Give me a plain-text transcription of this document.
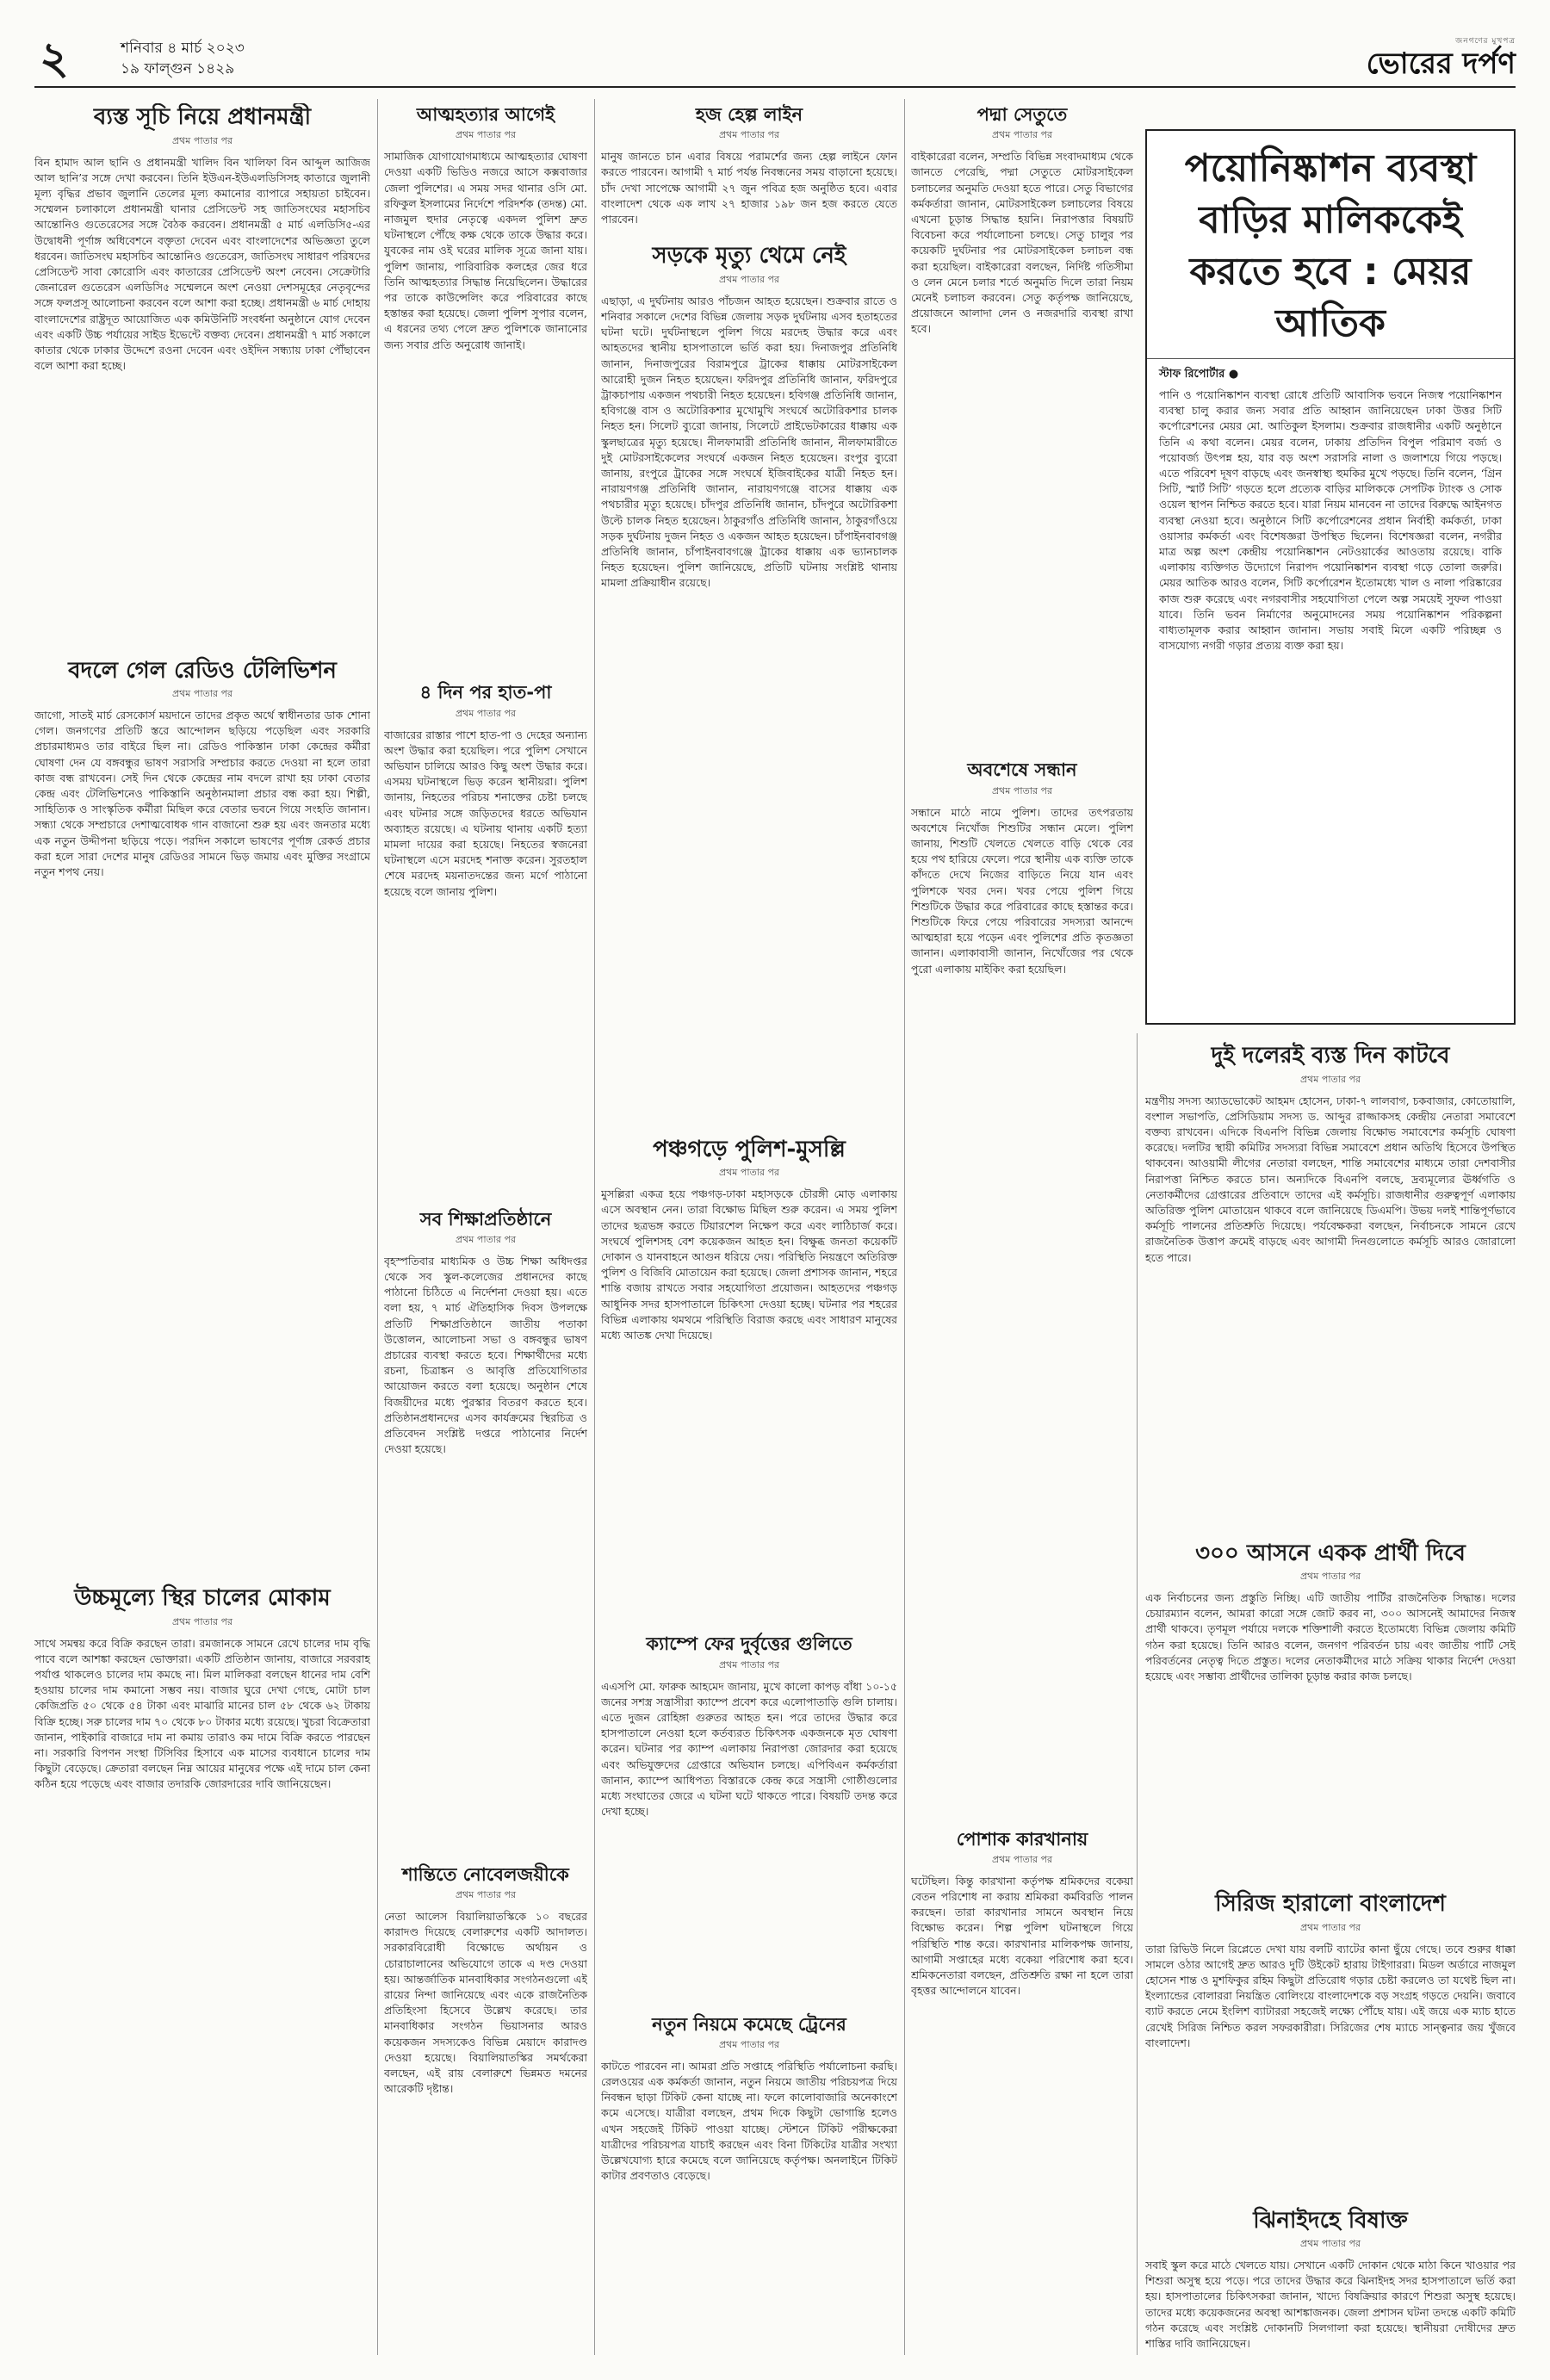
২	শনিবার ৪ মার্চ ২০২৩
১৯ ফাল্গুন ১৪২৯
জনগণের মুখপত্র
ভোরের দর্পণ
ব্যস্ত সূচি নিয়ে প্রধানমন্ত্রী
প্রথম পাতার পর
বিন হামাদ আল ছানি ও প্রধানমন্ত্রী খালিদ বিন খালিফা বিন আব্দুল আজিজ আল ছানি’র সঙ্গে দেখা করবেন। তিনি ইউএন-ইউএলডিসিসহ কাতারে জুলানী মূল্য বৃদ্ধির প্রভাব জুলানি তেলের মূল্য কমানোর ব্যাপারে সহায়তা চাইবেন। সম্মেলন চলাকালে প্রধানমন্ত্রী ঘানার প্রেসিডেন্ট সহ জাতিসংঘের মহাসচিব আন্তোনিও গুতেরেসের সঙ্গে বৈঠক করবেন। প্রধানমন্ত্রী ৫ মার্চ এলডিসি৫-এর উদ্বোধনী পূর্ণাঙ্গ অধিবেশনে বক্তৃতা দেবেন এবং বাংলাদেশের অভিজ্ঞতা তুলে ধরবেন। জাতিসংঘ মহাসচিব আন্তোনিও গুতেরেস, জাতিসংঘ সাধারণ পরিষদের প্রেসিডেন্ট সাবা কোরোসি এবং কাতারের প্রেসিডেন্ট অংশ নেবেন। সেক্রেটারি জেনারেল গুতেরেস এলডিসি৫ সম্মেলনে অংশ নেওয়া দেশসমূহের নেতৃবৃন্দের সঙ্গে ফলপ্রসূ আলোচনা করবেন বলে আশা করা হচ্ছে। প্রধানমন্ত্রী ৬ মার্চ দোহায় বাংলাদেশের রাষ্ট্রদূত আয়োজিত এক কমিউনিটি সংবর্ধনা অনুষ্ঠানে যোগ দেবেন এবং একটি উচ্চ পর্যায়ের সাইড ইভেন্টে বক্তব্য দেবেন। প্রধানমন্ত্রী ৭ মার্চ সকালে কাতার থেকে ঢাকার উদ্দেশে রওনা দেবেন এবং ওইদিন সন্ধ্যায় ঢাকা পৌঁছাবেন বলে আশা করা হচ্ছে।
বদলে গেল রেডিও টেলিভিশন
প্রথম পাতার পর
জাগো, সাতই মার্চ রেসকোর্স ময়দানে তাদের প্রকৃত অর্থে স্বাধীনতার ডাক শোনা গেল। জনগণের প্রতিটি স্তরে আন্দোলন ছড়িয়ে পড়েছিল এবং সরকারি প্রচারমাধ্যমও তার বাইরে ছিল না। রেডিও পাকিস্তান ঢাকা কেন্দ্রের কর্মীরা ঘোষণা দেন যে বঙ্গবন্ধুর ভাষণ সরাসরি সম্প্রচার করতে দেওয়া না হলে তারা কাজ বন্ধ রাখবেন। সেই দিন থেকে কেন্দ্রের নাম বদলে রাখা হয় ঢাকা বেতার কেন্দ্র এবং টেলিভিশনেও পাকিস্তানি অনুষ্ঠানমালা প্রচার বন্ধ করা হয়। শিল্পী, সাহিত্যিক ও সাংস্কৃতিক কর্মীরা মিছিল করে বেতার ভবনে গিয়ে সংহতি জানান। সন্ধ্যা থেকে সম্প্রচারে দেশাত্মবোধক গান বাজানো শুরু হয় এবং জনতার মধ্যে এক নতুন উদ্দীপনা ছড়িয়ে পড়ে। পরদিন সকালে ভাষণের পূর্ণাঙ্গ রেকর্ড প্রচার করা হলে সারা দেশের মানুষ রেডিওর সামনে ভিড় জমায় এবং মুক্তির সংগ্রামে নতুন শপথ নেয়।
উচ্চমূল্যে স্থির চালের মোকাম
প্রথম পাতার পর
সাথে সমন্বয় করে বিক্রি করছেন তারা। রমজানকে সামনে রেখে চালের দাম বৃদ্ধি পাবে বলে আশঙ্কা করছেন ভোক্তারা। একটি প্রতিষ্ঠান জানায়, বাজারে সরবরাহ পর্যাপ্ত থাকলেও চালের দাম কমছে না। মিল মালিকরা বলছেন ধানের দাম বেশি হওয়ায় চালের দাম কমানো সম্ভব নয়। বাজার ঘুরে দেখা গেছে, মোটা চাল কেজিপ্রতি ৫০ থেকে ৫৪ টাকা এবং মাঝারি মানের চাল ৫৮ থেকে ৬২ টাকায় বিক্রি হচ্ছে। সরু চালের দাম ৭০ থেকে ৮০ টাকার মধ্যে রয়েছে। খুচরা বিক্রেতারা জানান, পাইকারি বাজারে দাম না কমায় তারাও কম দামে বিক্রি করতে পারছেন না। সরকারি বিপণন সংস্থা টিসিবির হিসাবে এক মাসের ব্যবধানে চালের দাম কিছুটা বেড়েছে। ক্রেতারা বলছেন নিম্ন আয়ের মানুষের পক্ষে এই দামে চাল কেনা কঠিন হয়ে পড়েছে এবং বাজার তদারকি জোরদারের দাবি জানিয়েছেন।
আত্মহত্যার আগেই
প্রথম পাতার পর
সামাজিক যোগাযোগমাধ্যমে আত্মহত্যার ঘোষণা দেওয়া একটি ভিডিও নজরে আসে কক্সবাজার জেলা পুলিশের। এ সময় সদর থানার ওসি মো. রফিকুল ইসলামের নির্দেশে পরিদর্শক (তদন্ত) মো. নাজমুল হুদার নেতৃত্বে একদল পুলিশ দ্রুত ঘটনাস্থলে পৌঁছে কক্ষ থেকে তাকে উদ্ধার করে। যুবকের নাম ওই ঘরের মালিক সূত্রে জানা যায়। পুলিশ জানায়, পারিবারিক কলহের জের ধরে তিনি আত্মহত্যার সিদ্ধান্ত নিয়েছিলেন। উদ্ধারের পর তাকে কাউন্সেলিং করে পরিবারের কাছে হস্তান্তর করা হয়েছে। জেলা পুলিশ সুপার বলেন, এ ধরনের তথ্য পেলে দ্রুত পুলিশকে জানানোর জন্য সবার প্রতি অনুরোধ জানাই।
৪ দিন পর হাত-পা
প্রথম পাতার পর
বাজারের রাস্তার পাশে হাত-পা ও দেহের অন্যান্য অংশ উদ্ধার করা হয়েছিল। পরে পুলিশ সেখানে অভিযান চালিয়ে আরও কিছু অংশ উদ্ধার করে। এসময় ঘটনাস্থলে ভিড় করেন স্থানীয়রা। পুলিশ জানায়, নিহতের পরিচয় শনাক্তের চেষ্টা চলছে এবং ঘটনার সঙ্গে জড়িতদের ধরতে অভিযান অব্যাহত রয়েছে। এ ঘটনায় থানায় একটি হত্যা মামলা দায়ের করা হয়েছে। নিহতের স্বজনেরা ঘটনাস্থলে এসে মরদেহ শনাক্ত করেন। সুরতহাল শেষে মরদেহ ময়নাতদন্তের জন্য মর্গে পাঠানো হয়েছে বলে জানায় পুলিশ।
সব শিক্ষাপ্রতিষ্ঠানে
প্রথম পাতার পর
বৃহস্পতিবার মাধ্যমিক ও উচ্চ শিক্ষা অধিদপ্তর থেকে সব স্কুল-কলেজের প্রধানদের কাছে পাঠানো চিঠিতে এ নির্দেশনা দেওয়া হয়। এতে বলা হয়, ৭ মার্চ ঐতিহাসিক দিবস উপলক্ষে প্রতিটি শিক্ষাপ্রতিষ্ঠানে জাতীয় পতাকা উত্তোলন, আলোচনা সভা ও বঙ্গবন্ধুর ভাষণ প্রচারের ব্যবস্থা করতে হবে। শিক্ষার্থীদের মধ্যে রচনা, চিত্রাঙ্কন ও আবৃত্তি প্রতিযোগিতার আয়োজন করতে বলা হয়েছে। অনুষ্ঠান শেষে বিজয়ীদের মধ্যে পুরস্কার বিতরণ করতে হবে। প্রতিষ্ঠানপ্রধানদের এসব কার্যক্রমের স্থিরচিত্র ও প্রতিবেদন সংশ্লিষ্ট দপ্তরে পাঠানোর নির্দেশ দেওয়া হয়েছে।
শান্তিতে নোবেলজয়ীকে
প্রথম পাতার পর
নেতা আলেস বিয়ালিয়াতস্কিকে ১০ বছরের কারাদণ্ড দিয়েছে বেলারুশের একটি আদালত। সরকারবিরোধী বিক্ষোভে অর্থায়ন ও চোরাচালানের অভিযোগে তাকে এ দণ্ড দেওয়া হয়। আন্তর্জাতিক মানবাধিকার সংগঠনগুলো এই রায়ের নিন্দা জানিয়েছে এবং একে রাজনৈতিক প্রতিহিংসা হিসেবে উল্লেখ করেছে। তার মানবাধিকার সংগঠন ভিয়াসনার আরও কয়েকজন সদস্যকেও বিভিন্ন মেয়াদে কারাদণ্ড দেওয়া হয়েছে। বিয়ালিয়াতস্কির সমর্থকেরা বলছেন, এই রায় বেলারুশে ভিন্নমত দমনের আরেকটি দৃষ্টান্ত।
হজ হেল্প লাইন
প্রথম পাতার পর
মানুষ জানতে চান এবার বিষয়ে পরামর্শের জন্য হেল্প লাইনে ফোন করতে পারবেন। আগামী ৭ মার্চ পর্যন্ত নিবন্ধনের সময় বাড়ানো হয়েছে। চাঁদ দেখা সাপেক্ষে আগামী ২৭ জুন পবিত্র হজ অনুষ্ঠিত হবে। এবার বাংলাদেশ থেকে এক লাখ ২৭ হাজার ১৯৮ জন হজ করতে যেতে পারবেন।
সড়কে মৃত্যু থেমে নেই
প্রথম পাতার পর
এছাড়া, এ দুর্ঘটনায় আরও পাঁচজন আহত হয়েছেন। শুক্রবার রাতে ও শনিবার সকালে দেশের বিভিন্ন জেলায় সড়ক দুর্ঘটনায় এসব হতাহতের ঘটনা ঘটে। দুর্ঘটনাস্থলে পুলিশ গিয়ে মরদেহ উদ্ধার করে এবং আহতদের স্থানীয় হাসপাতালে ভর্তি করা হয়। দিনাজপুর প্রতিনিধি জানান, দিনাজপুরের বিরামপুরে ট্রাকের ধাক্কায় মোটরসাইকেল আরোহী দুজন নিহত হয়েছেন। ফরিদপুর প্রতিনিধি জানান, ফরিদপুরে ট্রাকচাপায় একজন পথচারী নিহত হয়েছেন। হবিগঞ্জ প্রতিনিধি জানান, হবিগঞ্জে বাস ও অটোরিকশার মুখোমুখি সংঘর্ষে অটোরিকশার চালক নিহত হন। সিলেট ব্যুরো জানায়, সিলেটে প্রাইভেটকারের ধাক্কায় এক স্কুলছাত্রের মৃত্যু হয়েছে। নীলফামারী প্রতিনিধি জানান, নীলফামারীতে দুই মোটরসাইকেলের সংঘর্ষে একজন নিহত হয়েছেন। রংপুর ব্যুরো জানায়, রংপুরে ট্রাকের সঙ্গে সংঘর্ষে ইজিবাইকের যাত্রী নিহত হন। নারায়ণগঞ্জ প্রতিনিধি জানান, নারায়ণগঞ্জে বাসের ধাক্কায় এক পথচারীর মৃত্যু হয়েছে। চাঁদপুর প্রতিনিধি জানান, চাঁদপুরে অটোরিকশা উল্টে চালক নিহত হয়েছেন। ঠাকুরগাঁও প্রতিনিধি জানান, ঠাকুরগাঁওয়ে সড়ক দুর্ঘটনায় দুজন নিহত ও একজন আহত হয়েছেন। চাঁপাইনবাবগঞ্জ প্রতিনিধি জানান, চাঁপাইনবাবগঞ্জে ট্রাকের ধাক্কায় এক ভ্যানচালক নিহত হয়েছেন। পুলিশ জানিয়েছে, প্রতিটি ঘটনায় সংশ্লিষ্ট থানায় মামলা প্রক্রিয়াধীন রয়েছে।
পঞ্চগড়ে পুলিশ-মুসল্লি
প্রথম পাতার পর
মুসল্লিরা একত্র হয়ে পঞ্চগড়-ঢাকা মহাসড়কে চৌরঙ্গী মোড় এলাকায় এসে অবস্থান নেন। তারা বিক্ষোভ মিছিল শুরু করেন। এ সময় পুলিশ তাদের ছত্রভঙ্গ করতে টিয়ারশেল নিক্ষেপ করে এবং লাঠিচার্জ করে। সংঘর্ষে পুলিশসহ বেশ কয়েকজন আহত হন। বিক্ষুব্ধ জনতা কয়েকটি দোকান ও যানবাহনে আগুন ধরিয়ে দেয়। পরিস্থিতি নিয়ন্ত্রণে অতিরিক্ত পুলিশ ও বিজিবি মোতায়েন করা হয়েছে। জেলা প্রশাসক জানান, শহরে শান্তি বজায় রাখতে সবার সহযোগিতা প্রয়োজন। আহতদের পঞ্চগড় আধুনিক সদর হাসপাতালে চিকিৎসা দেওয়া হচ্ছে। ঘটনার পর শহরের বিভিন্ন এলাকায় থমথমে পরিস্থিতি বিরাজ করছে এবং সাধারণ মানুষের মধ্যে আতঙ্ক দেখা দিয়েছে।
ক্যাম্পে ফের দুর্বৃত্তের গুলিতে
প্রথম পাতার পর
এএসপি মো. ফারুক আহমেদ জানায়, মুখে কালো কাপড় বাঁধা ১০-১৫ জনের সশস্ত্র সন্ত্রাসীরা ক্যাম্পে প্রবেশ করে এলোপাতাড়ি গুলি চালায়। এতে দুজন রোহিঙ্গা গুরুতর আহত হন। পরে তাদের উদ্ধার করে হাসপাতালে নেওয়া হলে কর্তব্যরত চিকিৎসক একজনকে মৃত ঘোষণা করেন। ঘটনার পর ক্যাম্প এলাকায় নিরাপত্তা জোরদার করা হয়েছে এবং অভিযুক্তদের গ্রেপ্তারে অভিযান চলছে। এপিবিএন কর্মকর্তারা জানান, ক্যাম্পে আধিপত্য বিস্তারকে কেন্দ্র করে সন্ত্রাসী গোষ্ঠীগুলোর মধ্যে সংঘাতের জেরে এ ঘটনা ঘটে থাকতে পারে। বিষয়টি তদন্ত করে দেখা হচ্ছে।
নতুন নিয়মে কমেছে ট্রেনের
প্রথম পাতার পর
কাটতে পারবেন না। আমরা প্রতি সপ্তাহে পরিস্থিতি পর্যালোচনা করছি। রেলওয়ের এক কর্মকর্তা জানান, নতুন নিয়মে জাতীয় পরিচয়পত্র দিয়ে নিবন্ধন ছাড়া টিকিট কেনা যাচ্ছে না। ফলে কালোবাজারি অনেকাংশে কমে এসেছে। যাত্রীরা বলছেন, প্রথম দিকে কিছুটা ভোগান্তি হলেও এখন সহজেই টিকিট পাওয়া যাচ্ছে। স্টেশনে টিকিট পরীক্ষকেরা যাত্রীদের পরিচয়পত্র যাচাই করছেন এবং বিনা টিকিটের যাত্রীর সংখ্যা উল্লেখযোগ্য হারে কমেছে বলে জানিয়েছে কর্তৃপক্ষ। অনলাইনে টিকিট কাটার প্রবণতাও বেড়েছে।
পদ্মা সেতুতে
প্রথম পাতার পর
বাইকারেরা বলেন, সম্প্রতি বিভিন্ন সংবাদমাধ্যম থেকে জানতে পেরেছি, পদ্মা সেতুতে মোটরসাইকেল চলাচলের অনুমতি দেওয়া হতে পারে। সেতু বিভাগের কর্মকর্তারা জানান, মোটরসাইকেল চলাচলের বিষয়ে এখনো চূড়ান্ত সিদ্ধান্ত হয়নি। নিরাপত্তার বিষয়টি বিবেচনা করে পর্যালোচনা চলছে। সেতু চালুর পর কয়েকটি দুর্ঘটনার পর মোটরসাইকেল চলাচল বন্ধ করা হয়েছিল। বাইকারেরা বলছেন, নির্দিষ্ট গতিসীমা ও লেন মেনে চলার শর্তে অনুমতি দিলে তারা নিয়ম মেনেই চলাচল করবেন। সেতু কর্তৃপক্ষ জানিয়েছে, প্রয়োজনে আলাদা লেন ও নজরদারি ব্যবস্থা রাখা হবে।
অবশেষে সন্ধান
প্রথম পাতার পর
সন্ধানে মাঠে নামে পুলিশ। তাদের তৎপরতায় অবশেষে নিখোঁজ শিশুটির সন্ধান মেলে। পুলিশ জানায়, শিশুটি খেলতে খেলতে বাড়ি থেকে বের হয়ে পথ হারিয়ে ফেলে। পরে স্থানীয় এক ব্যক্তি তাকে কাঁদতে দেখে নিজের বাড়িতে নিয়ে যান এবং পুলিশকে খবর দেন। খবর পেয়ে পুলিশ গিয়ে শিশুটিকে উদ্ধার করে পরিবারের কাছে হস্তান্তর করে। শিশুটিকে ফিরে পেয়ে পরিবারের সদস্যরা আনন্দে আত্মহারা হয়ে পড়েন এবং পুলিশের প্রতি কৃতজ্ঞতা জানান। এলাকাবাসী জানান, নিখোঁজের পর থেকে পুরো এলাকায় মাইকিং করা হয়েছিল।
পোশাক কারখানায়
প্রথম পাতার পর
ঘটেছিল। কিন্তু কারখানা কর্তৃপক্ষ শ্রমিকদের বকেয়া বেতন পরিশোধ না করায় শ্রমিকরা কর্মবিরতি পালন করছেন। তারা কারখানার সামনে অবস্থান নিয়ে বিক্ষোভ করেন। শিল্প পুলিশ ঘটনাস্থলে গিয়ে পরিস্থিতি শান্ত করে। কারখানার মালিকপক্ষ জানায়, আগামী সপ্তাহের মধ্যে বকেয়া পরিশোধ করা হবে। শ্রমিকনেতারা বলছেন, প্রতিশ্রুতি রক্ষা না হলে তারা বৃহত্তর আন্দোলনে যাবেন।
পয়োনিষ্কাশন ব্যবস্থা বাড়ির মালিককেই করতে হবে : মেয়র আতিক
স্টাফ রিপোর্টার ●
পানি ও পয়োনিষ্কাশন ব্যবস্থা রোধে প্রতিটি আবাসিক ভবনে নিজস্ব পয়োনিষ্কাশন ব্যবস্থা চালু করার জন্য সবার প্রতি আহ্বান জানিয়েছেন ঢাকা উত্তর সিটি কর্পোরেশনের মেয়র মো. আতিকুল ইসলাম। শুক্রবার রাজধানীর একটি অনুষ্ঠানে তিনি এ কথা বলেন। মেয়র বলেন, ঢাকায় প্রতিদিন বিপুল পরিমাণ বর্জ্য ও পয়োবর্জ্য উৎপন্ন হয়, যার বড় অংশ সরাসরি নালা ও জলাশয়ে গিয়ে পড়ছে। এতে পরিবেশ দূষণ বাড়ছে এবং জনস্বাস্থ্য হুমকির মুখে পড়ছে। তিনি বলেন, ‘গ্রিন সিটি, স্মার্ট সিটি’ গড়তে হলে প্রত্যেক বাড়ির মালিককে সেপটিক ট্যাংক ও সোক ওয়েল স্থাপন নিশ্চিত করতে হবে। যারা নিয়ম মানবেন না তাদের বিরুদ্ধে আইনগত ব্যবস্থা নেওয়া হবে। অনুষ্ঠানে সিটি কর্পোরেশনের প্রধান নির্বাহী কর্মকর্তা, ঢাকা ওয়াসার কর্মকর্তা এবং বিশেষজ্ঞরা উপস্থিত ছিলেন। বিশেষজ্ঞরা বলেন, নগরীর মাত্র অল্প অংশ কেন্দ্রীয় পয়োনিষ্কাশন নেটওয়ার্কের আওতায় রয়েছে। বাকি এলাকায় ব্যক্তিগত উদ্যোগে নিরাপদ পয়োনিষ্কাশন ব্যবস্থা গড়ে তোলা জরুরি। মেয়র আতিক আরও বলেন, সিটি কর্পোরেশন ইতোমধ্যে খাল ও নালা পরিষ্কারের কাজ শুরু করেছে এবং নগরবাসীর সহযোগিতা পেলে অল্প সময়েই সুফল পাওয়া যাবে। তিনি ভবন নির্মাণের অনুমোদনের সময় পয়োনিষ্কাশন পরিকল্পনা বাধ্যতামূলক করার আহ্বান জানান। সভায় সবাই মিলে একটি পরিচ্ছন্ন ও বাসযোগ্য নগরী গড়ার প্রত্যয় ব্যক্ত করা হয়।
দুই দলেরই ব্যস্ত দিন কাটবে
প্রথম পাতার পর
মন্ত্রণীয় সদস্য অ্যাডভোকেট আহমদ হোসেন, ঢাকা-৭ লালবাগ, চকবাজার, কোতোয়ালি, বংশাল সভাপতি, প্রেসিডিয়াম সদস্য ড. আব্দুর রাজ্জাকসহ কেন্দ্রীয় নেতারা সমাবেশে বক্তব্য রাখবেন। এদিকে বিএনপি বিভিন্ন জেলায় বিক্ষোভ সমাবেশের কর্মসূচি ঘোষণা করেছে। দলটির স্থায়ী কমিটির সদস্যরা বিভিন্ন সমাবেশে প্রধান অতিথি হিসেবে উপস্থিত থাকবেন। আওয়ামী লীগের নেতারা বলছেন, শান্তি সমাবেশের মাধ্যমে তারা দেশবাসীর নিরাপত্তা নিশ্চিত করতে চান। অন্যদিকে বিএনপি বলছে, দ্রব্যমূল্যের ঊর্ধ্বগতি ও নেতাকর্মীদের গ্রেপ্তারের প্রতিবাদে তাদের এই কর্মসূচি। রাজধানীর গুরুত্বপূর্ণ এলাকায় অতিরিক্ত পুলিশ মোতায়েন থাকবে বলে জানিয়েছে ডিএমপি। উভয় দলই শান্তিপূর্ণভাবে কর্মসূচি পালনের প্রতিশ্রুতি দিয়েছে। পর্যবেক্ষকরা বলছেন, নির্বাচনকে সামনে রেখে রাজনৈতিক উত্তাপ ক্রমেই বাড়ছে এবং আগামী দিনগুলোতে কর্মসূচি আরও জোরালো হতে পারে।
৩০০ আসনে একক প্রার্থী দিবে
প্রথম পাতার পর
এক নির্বাচনের জন্য প্রস্তুতি নিচ্ছি। এটি জাতীয় পার্টির রাজনৈতিক সিদ্ধান্ত। দলের চেয়ারম্যান বলেন, আমরা কারো সঙ্গে জোট করব না, ৩০০ আসনেই আমাদের নিজস্ব প্রার্থী থাকবে। তৃণমূল পর্যায়ে দলকে শক্তিশালী করতে ইতোমধ্যে বিভিন্ন জেলায় কমিটি গঠন করা হয়েছে। তিনি আরও বলেন, জনগণ পরিবর্তন চায় এবং জাতীয় পার্টি সেই পরিবর্তনের নেতৃত্ব দিতে প্রস্তুত। দলের নেতাকর্মীদের মাঠে সক্রিয় থাকার নির্দেশ দেওয়া হয়েছে এবং সম্ভাব্য প্রার্থীদের তালিকা চূড়ান্ত করার কাজ চলছে।
সিরিজ হারালো বাংলাদেশ
প্রথম পাতার পর
তারা রিভিউ নিলে রিপ্লেতে দেখা যায় বলটি ব্যাটের কানা ছুঁয়ে গেছে। তবে শুরুর ধাক্কা সামলে ওঠার আগেই দ্রুত আরও দুটি উইকেট হারায় টাইগাররা। মিডল অর্ডারে নাজমুল হোসেন শান্ত ও মুশফিকুর রহিম কিছুটা প্রতিরোধ গড়ার চেষ্টা করলেও তা যথেষ্ট ছিল না। ইংল্যান্ডের বোলাররা নিয়ন্ত্রিত বোলিংয়ে বাংলাদেশকে বড় সংগ্রহ গড়তে দেয়নি। জবাবে ব্যাট করতে নেমে ইংলিশ ব্যাটাররা সহজেই লক্ষ্যে পৌঁছে যায়। এই জয়ে এক ম্যাচ হাতে রেখেই সিরিজ নিশ্চিত করল সফরকারীরা। সিরিজের শেষ ম্যাচে সান্ত্বনার জয় খুঁজবে বাংলাদেশ।
ঝিনাইদহে বিষাক্ত
প্রথম পাতার পর
সবাই স্কুল করে মাঠে খেলতে যায়। সেখানে একটি দোকান থেকে মাঠা কিনে খাওয়ার পর শিশুরা অসুস্থ হয়ে পড়ে। পরে তাদের উদ্ধার করে ঝিনাইদহ সদর হাসপাতালে ভর্তি করা হয়। হাসপাতালের চিকিৎসকরা জানান, খাদ্যে বিষক্রিয়ার কারণে শিশুরা অসুস্থ হয়েছে। তাদের মধ্যে কয়েকজনের অবস্থা আশঙ্কাজনক। জেলা প্রশাসন ঘটনা তদন্তে একটি কমিটি গঠন করেছে এবং সংশ্লিষ্ট দোকানটি সিলগালা করা হয়েছে। স্থানীয়রা দোষীদের দ্রুত শাস্তির দাবি জানিয়েছেন।
